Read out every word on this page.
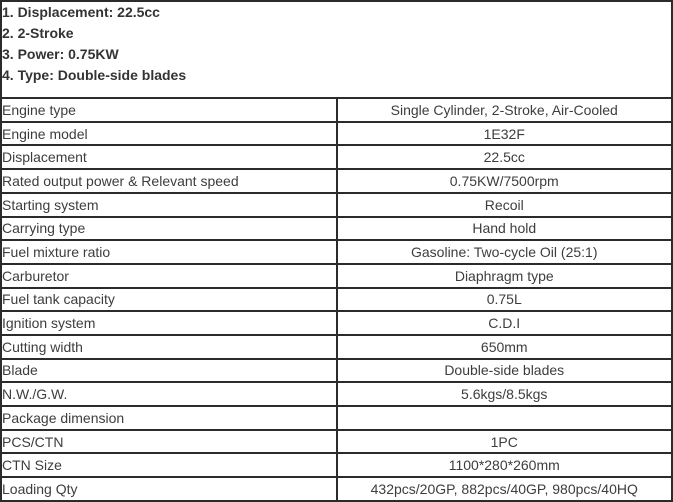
1. Displacement: 22.5cc
2. 2-Stroke
3. Power: 0.75KW
4. Type: Double-side blades	

Engine type	Single Cylinder, 2-Stroke, Air-Cooled
Engine model	1E32F
Displacement	22.5cc
Rated output power & Relevant speed	0.75KW/7500rpm
Starting system	Recoil
Carrying type	Hand hold
Fuel mixture ratio	Gasoline: Two-cycle Oil (25:1)
Carburetor	Diaphragm type
Fuel tank capacity	0.75L
Ignition system	C.D.I
Cutting width	650mm
Blade	Double-side blades
N.W./G.W.	5.6kgs/8.5kgs
Package dimension	
PCS/CTN	1PC
CTN Size	1100*280*260mm
Loading Qty	432pcs/20GP, 882pcs/40GP, 980pcs/40HQ
